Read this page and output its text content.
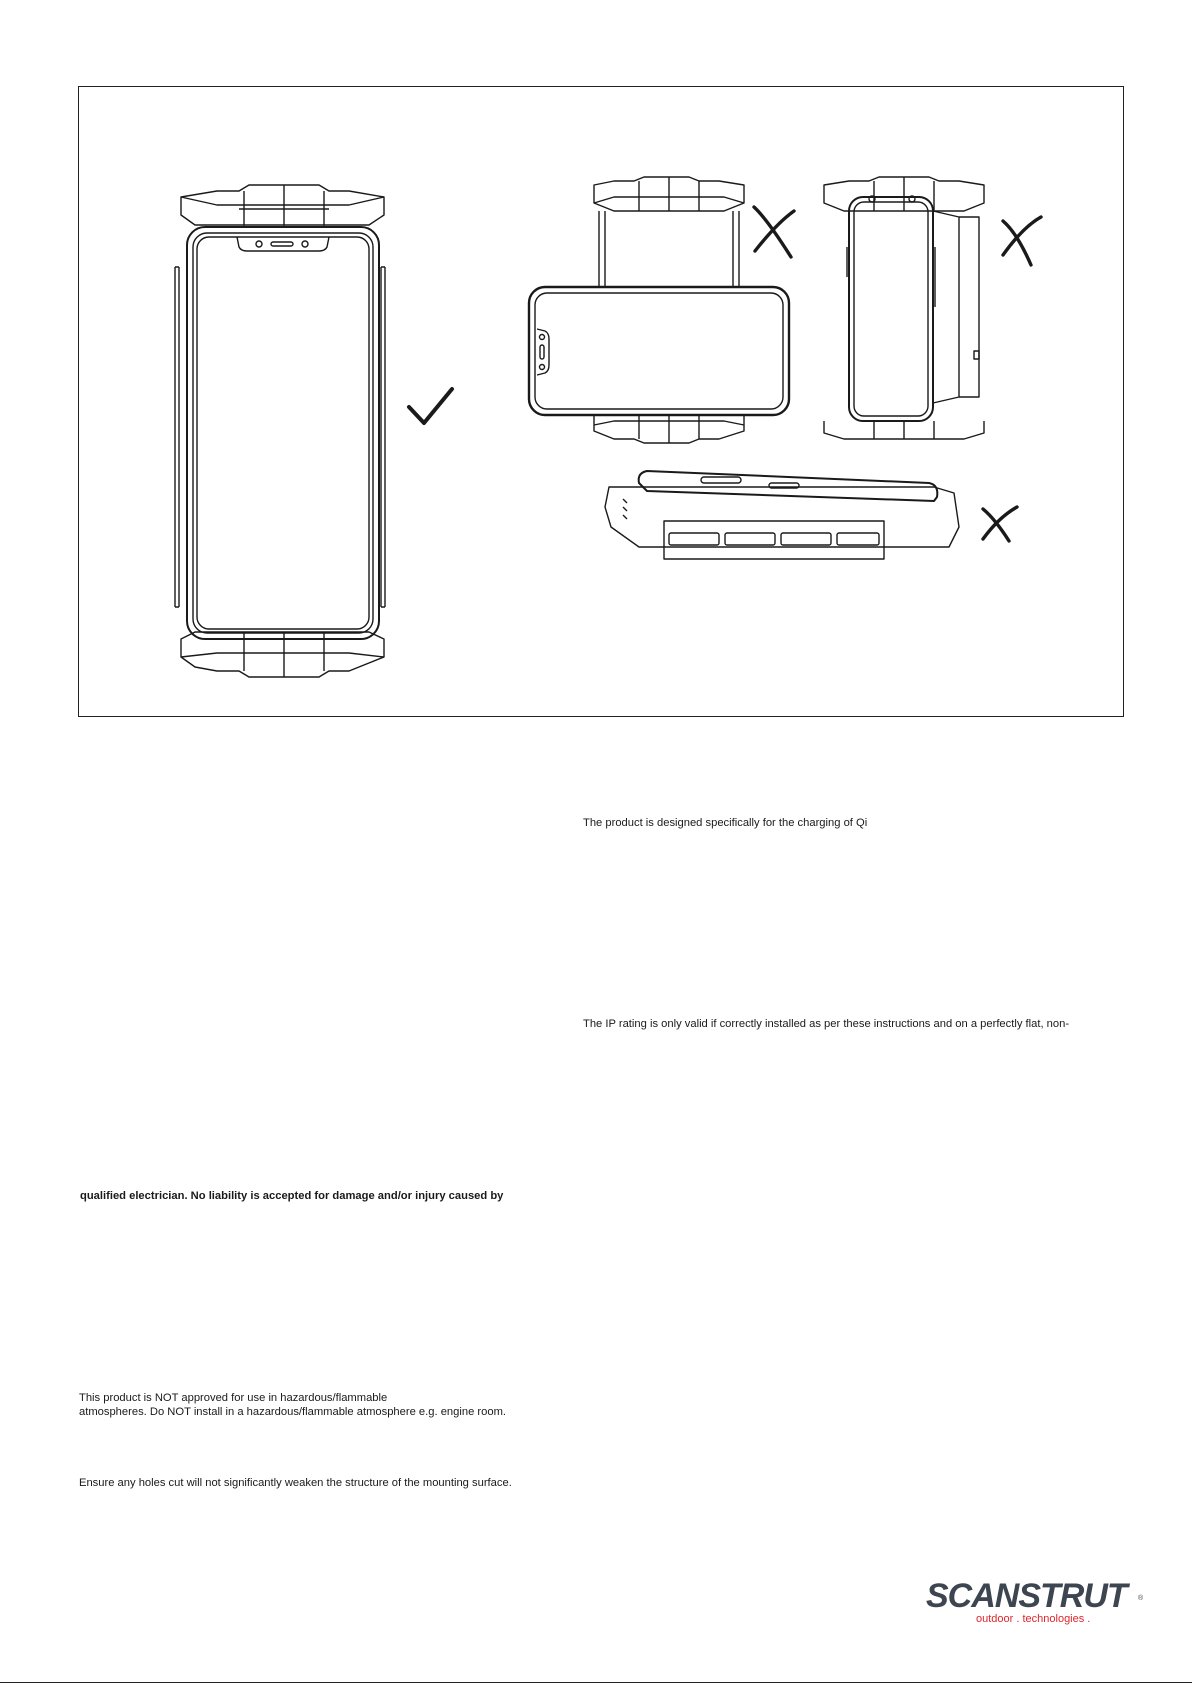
The product is designed specifically for the charging of Qi
The IP rating is only valid if correctly installed as per these instructions and on a perfectly flat, non-
qualified electrician. No liability is accepted for damage and/or injury caused by
This product is NOT approved for use in hazardous/flammable
atmospheres. Do NOT install in a hazardous/flammable atmosphere e.g. engine room.
Ensure any holes cut will not significantly weaken the structure of the mounting surface.
SCANSTRUT ®
outdoor . technologies .
